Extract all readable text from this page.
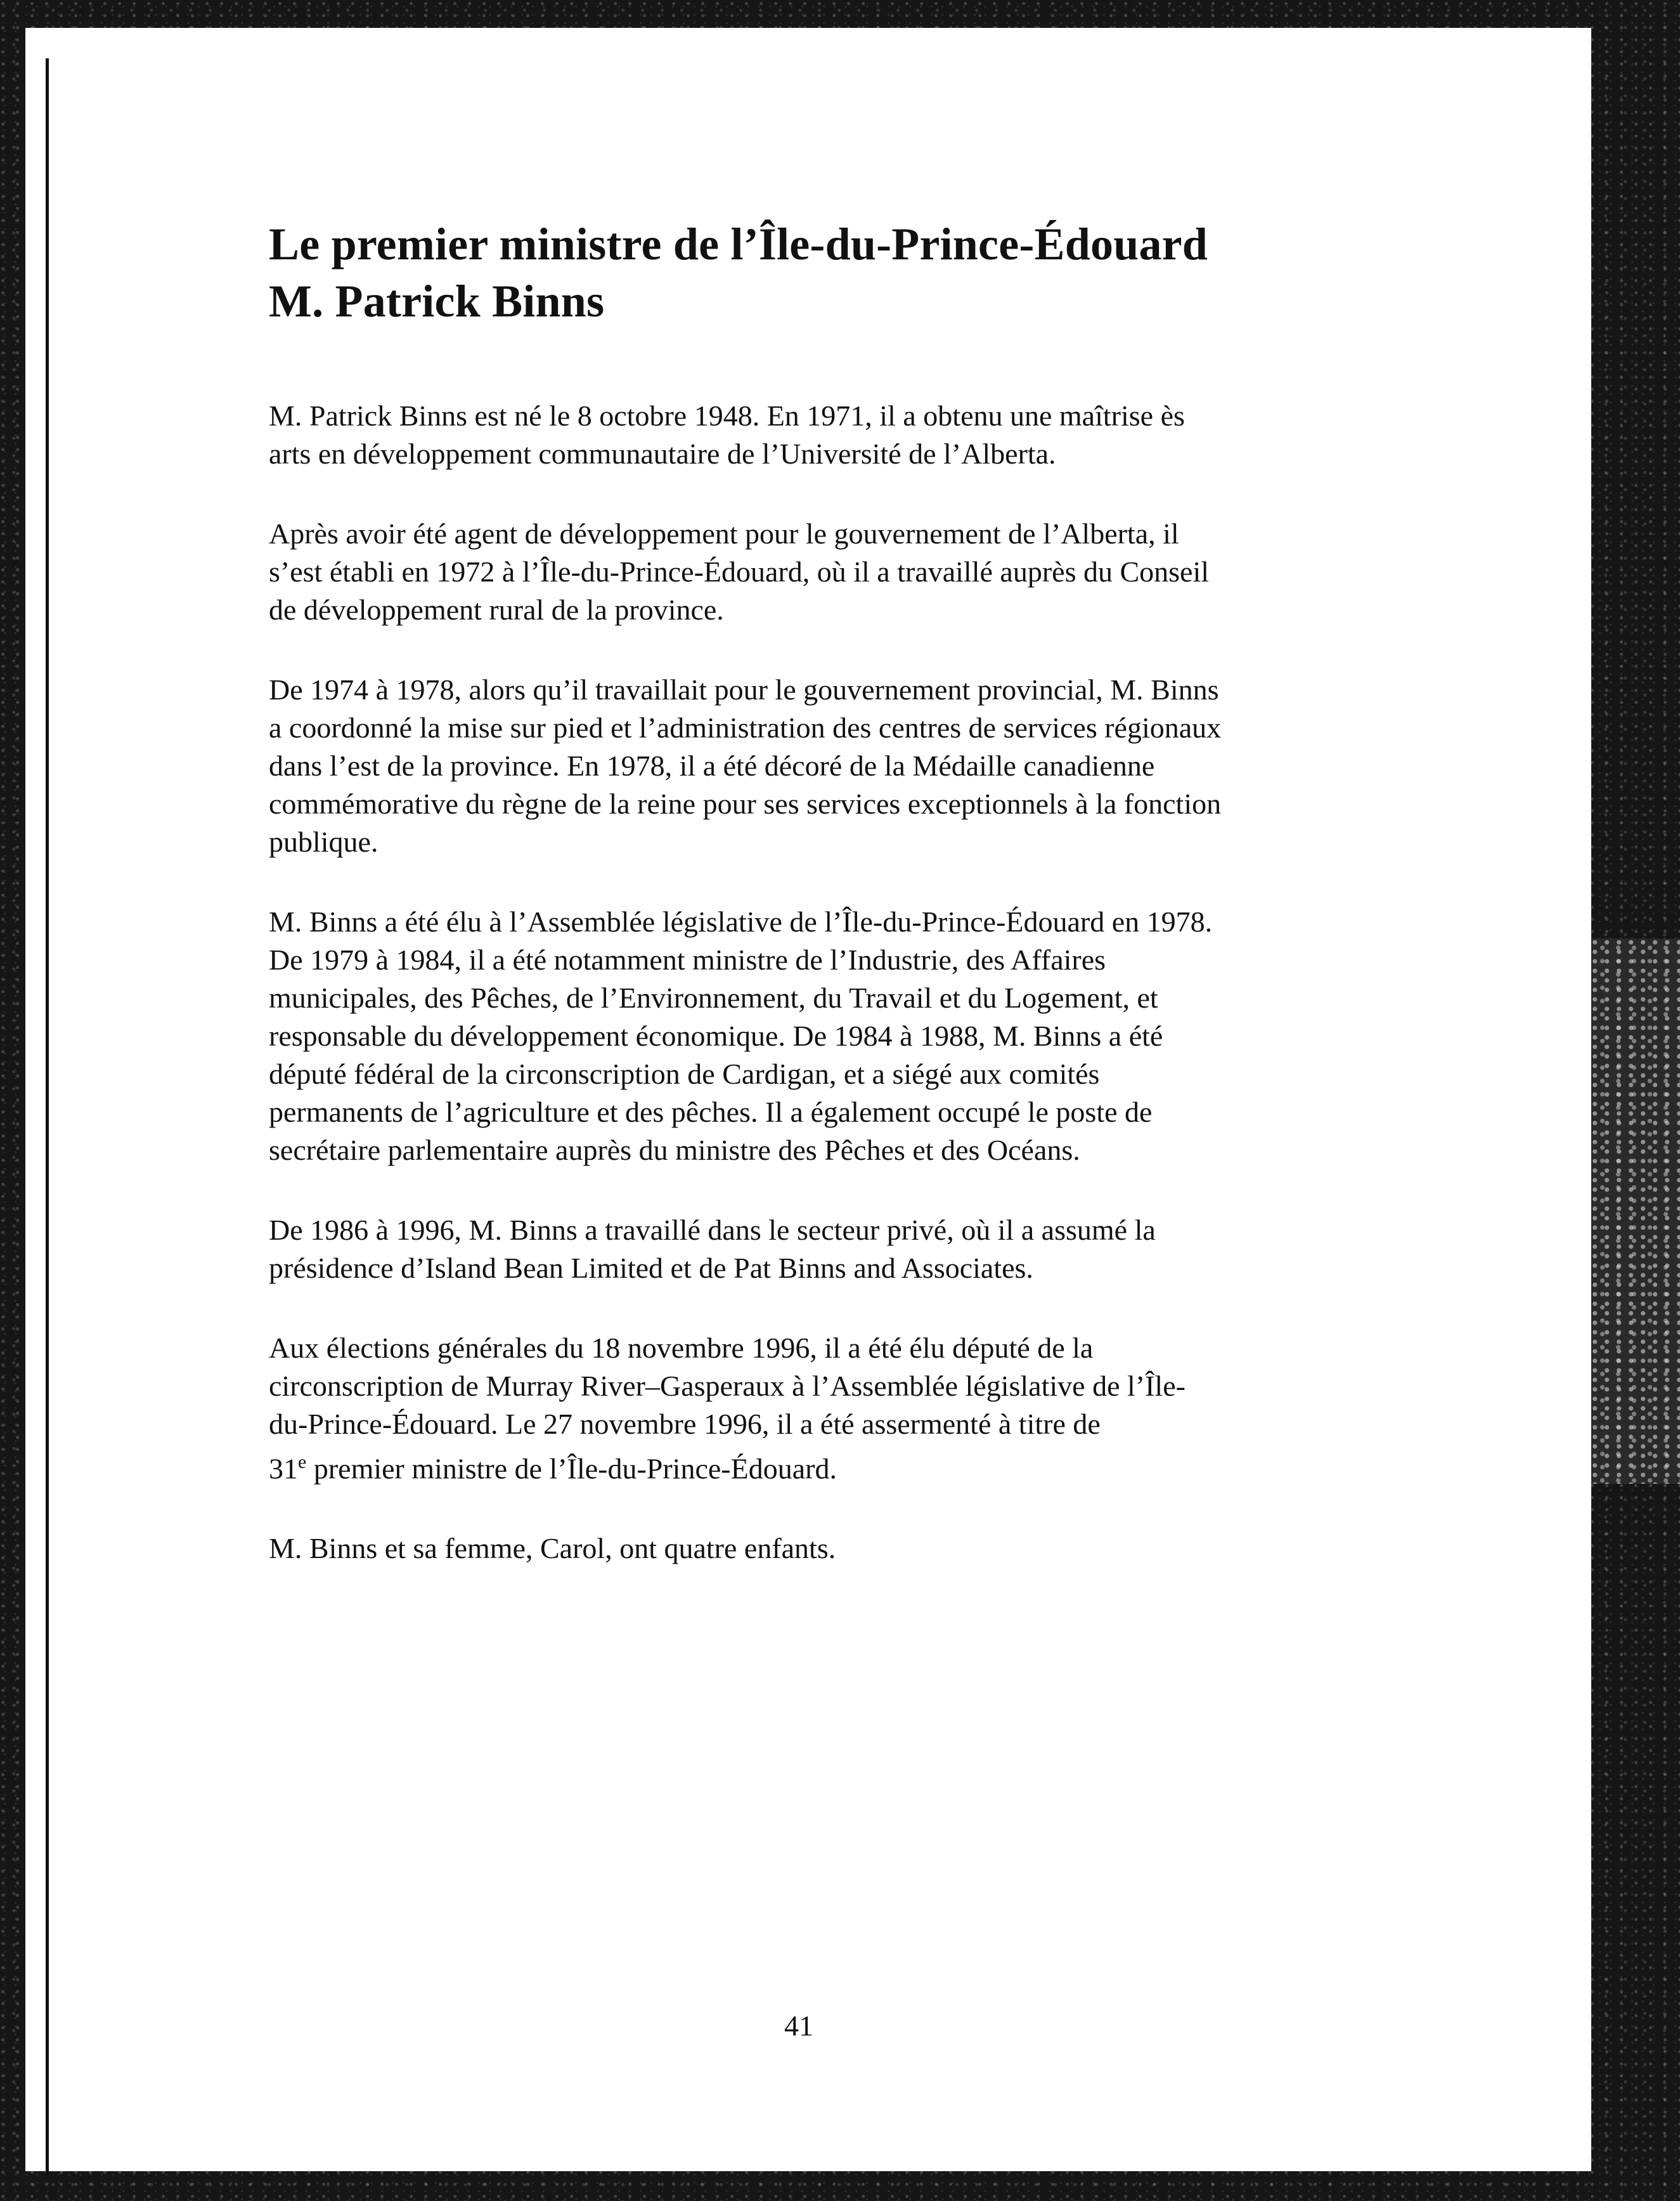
Le premier ministre de l’Île-du-Prince-Édouard
M. Patrick Binns

M. Patrick Binns est né le 8 octobre 1948. En 1971, il a obtenu une maîtrise ès
arts en développement communautaire de l’Université de l’Alberta.

Après avoir été agent de développement pour le gouvernement de l’Alberta, il
s’est établi en 1972 à l’Île-du-Prince-Édouard, où il a travaillé auprès du Conseil
de développement rural de la province.

De 1974 à 1978, alors qu’il travaillait pour le gouvernement provincial, M. Binns
a coordonné la mise sur pied et l’administration des centres de services régionaux
dans l’est de la province. En 1978, il a été décoré de la Médaille canadienne
commémorative du règne de la reine pour ses services exceptionnels à la fonction
publique.

M. Binns a été élu à l’Assemblée législative de l’Île-du-Prince-Édouard en 1978.
De 1979 à 1984, il a été notamment ministre de l’Industrie, des Affaires
municipales, des Pêches, de l’Environnement, du Travail et du Logement, et
responsable du développement économique. De 1984 à 1988, M. Binns a été
député fédéral de la circonscription de Cardigan, et a siégé aux comités
permanents de l’agriculture et des pêches. Il a également occupé le poste de
secrétaire parlementaire auprès du ministre des Pêches et des Océans.

De 1986 à 1996, M. Binns a travaillé dans le secteur privé, où il a assumé la
présidence d’Island Bean Limited et de Pat Binns and Associates.

Aux élections générales du 18 novembre 1996, il a été élu député de la
circonscription de Murray River–Gasperaux à l’Assemblée législative de l’Île-
du-Prince-Édouard. Le 27 novembre 1996, il a été assermenté à titre de

31e premier ministre de l’Île-du-Prince-Édouard.

M. Binns et sa femme, Carol, ont quatre enfants.

41
